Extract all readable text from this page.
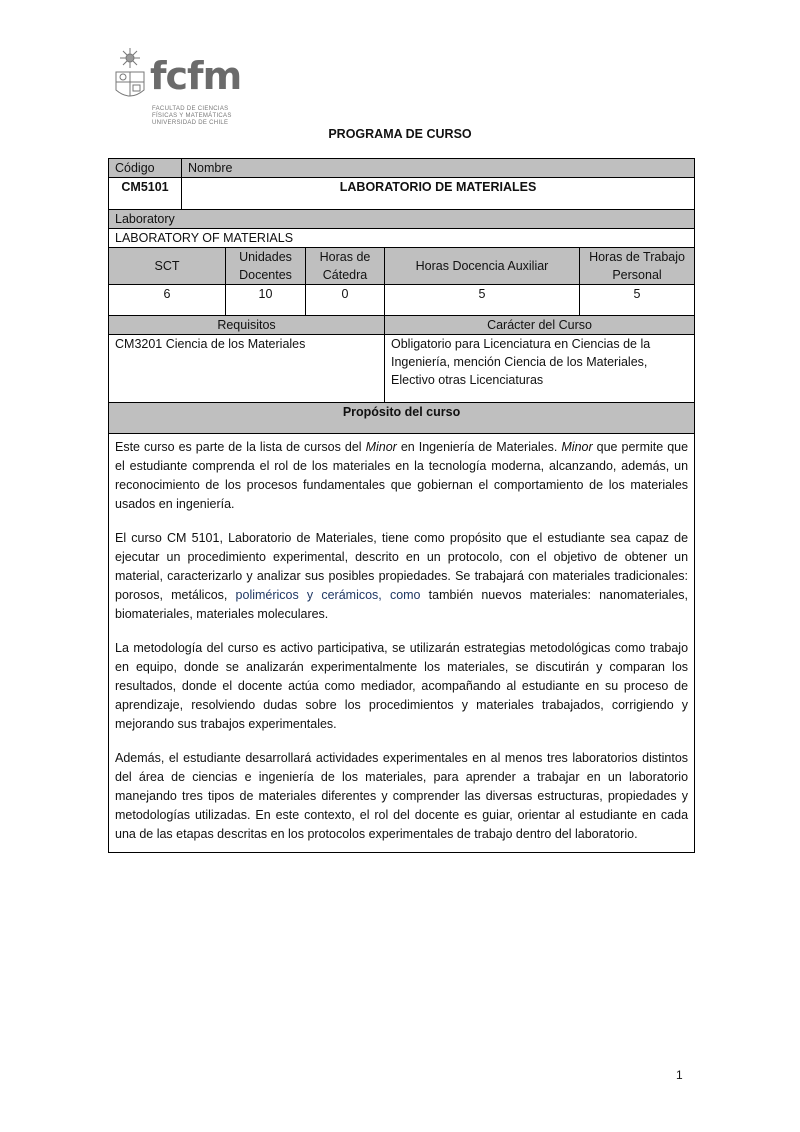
fcfm
FACULTAD DE CIENCIAS
FÍSICAS Y MATEMÁTICAS
UNIVERSIDAD DE CHILE
PROGRAMA DE CURSO
Código	Nombre				
CM5101	LABORATORIO DE MATERIALES				
Laboratory					
LABORATORY OF MATERIALS					
SCT		Unidades Docentes	Horas de Cátedra	Horas Docencia Auxiliar	Horas de Trabajo Personal
6		10	0	5	5
Requisitos				Carácter del Curso	
CM3201 Ciencia de los Materiales				Obligatorio para Licenciatura en Ciencias de la Ingeniería, mención Ciencia de los Materiales, Electivo otras Licenciaturas	
Propósito del curso					

Este curso es parte de la lista de cursos del Minor en Ingeniería de Materiales. Minor que permite que el estudiante comprenda el rol de los materiales en la tecnología moderna, alcanzando, además, un reconocimiento de los procesos fundamentales que gobiernan el comportamiento de los materiales usados en ingeniería.

El curso CM 5101, Laboratorio de Materiales, tiene como propósito que el estudiante sea capaz de ejecutar un procedimiento experimental, descrito en un protocolo, con el objetivo de obtener un material, caracterizarlo y analizar sus posibles propiedades. Se trabajará con materiales tradicionales: porosos, metálicos, poliméricos y cerámicos, como también nuevos materiales: nanomateriales, biomateriales, materiales moleculares.

La metodología del curso es activo participativa, se utilizarán estrategias metodológicas como trabajo en equipo, donde se analizarán experimentalmente los materiales, se discutirán y comparan los resultados, donde el docente actúa como mediador, acompañando al estudiante en su proceso de aprendizaje, resolviendo dudas sobre los procedimientos y materiales trabajados, corrigiendo y mejorando sus trabajos experimentales.

Además, el estudiante desarrollará actividades experimentales en al menos tres laboratorios distintos del área de ciencias e ingeniería de los materiales, para aprender a trabajar en un laboratorio manejando tres tipos de materiales diferentes y comprender las diversas estructuras, propiedades y metodologías utilizadas. En este contexto, el rol del docente es guiar, orientar al estudiante en cada una de las etapas descritas en los protocolos experimentales de trabajo dentro del laboratorio.					

1
